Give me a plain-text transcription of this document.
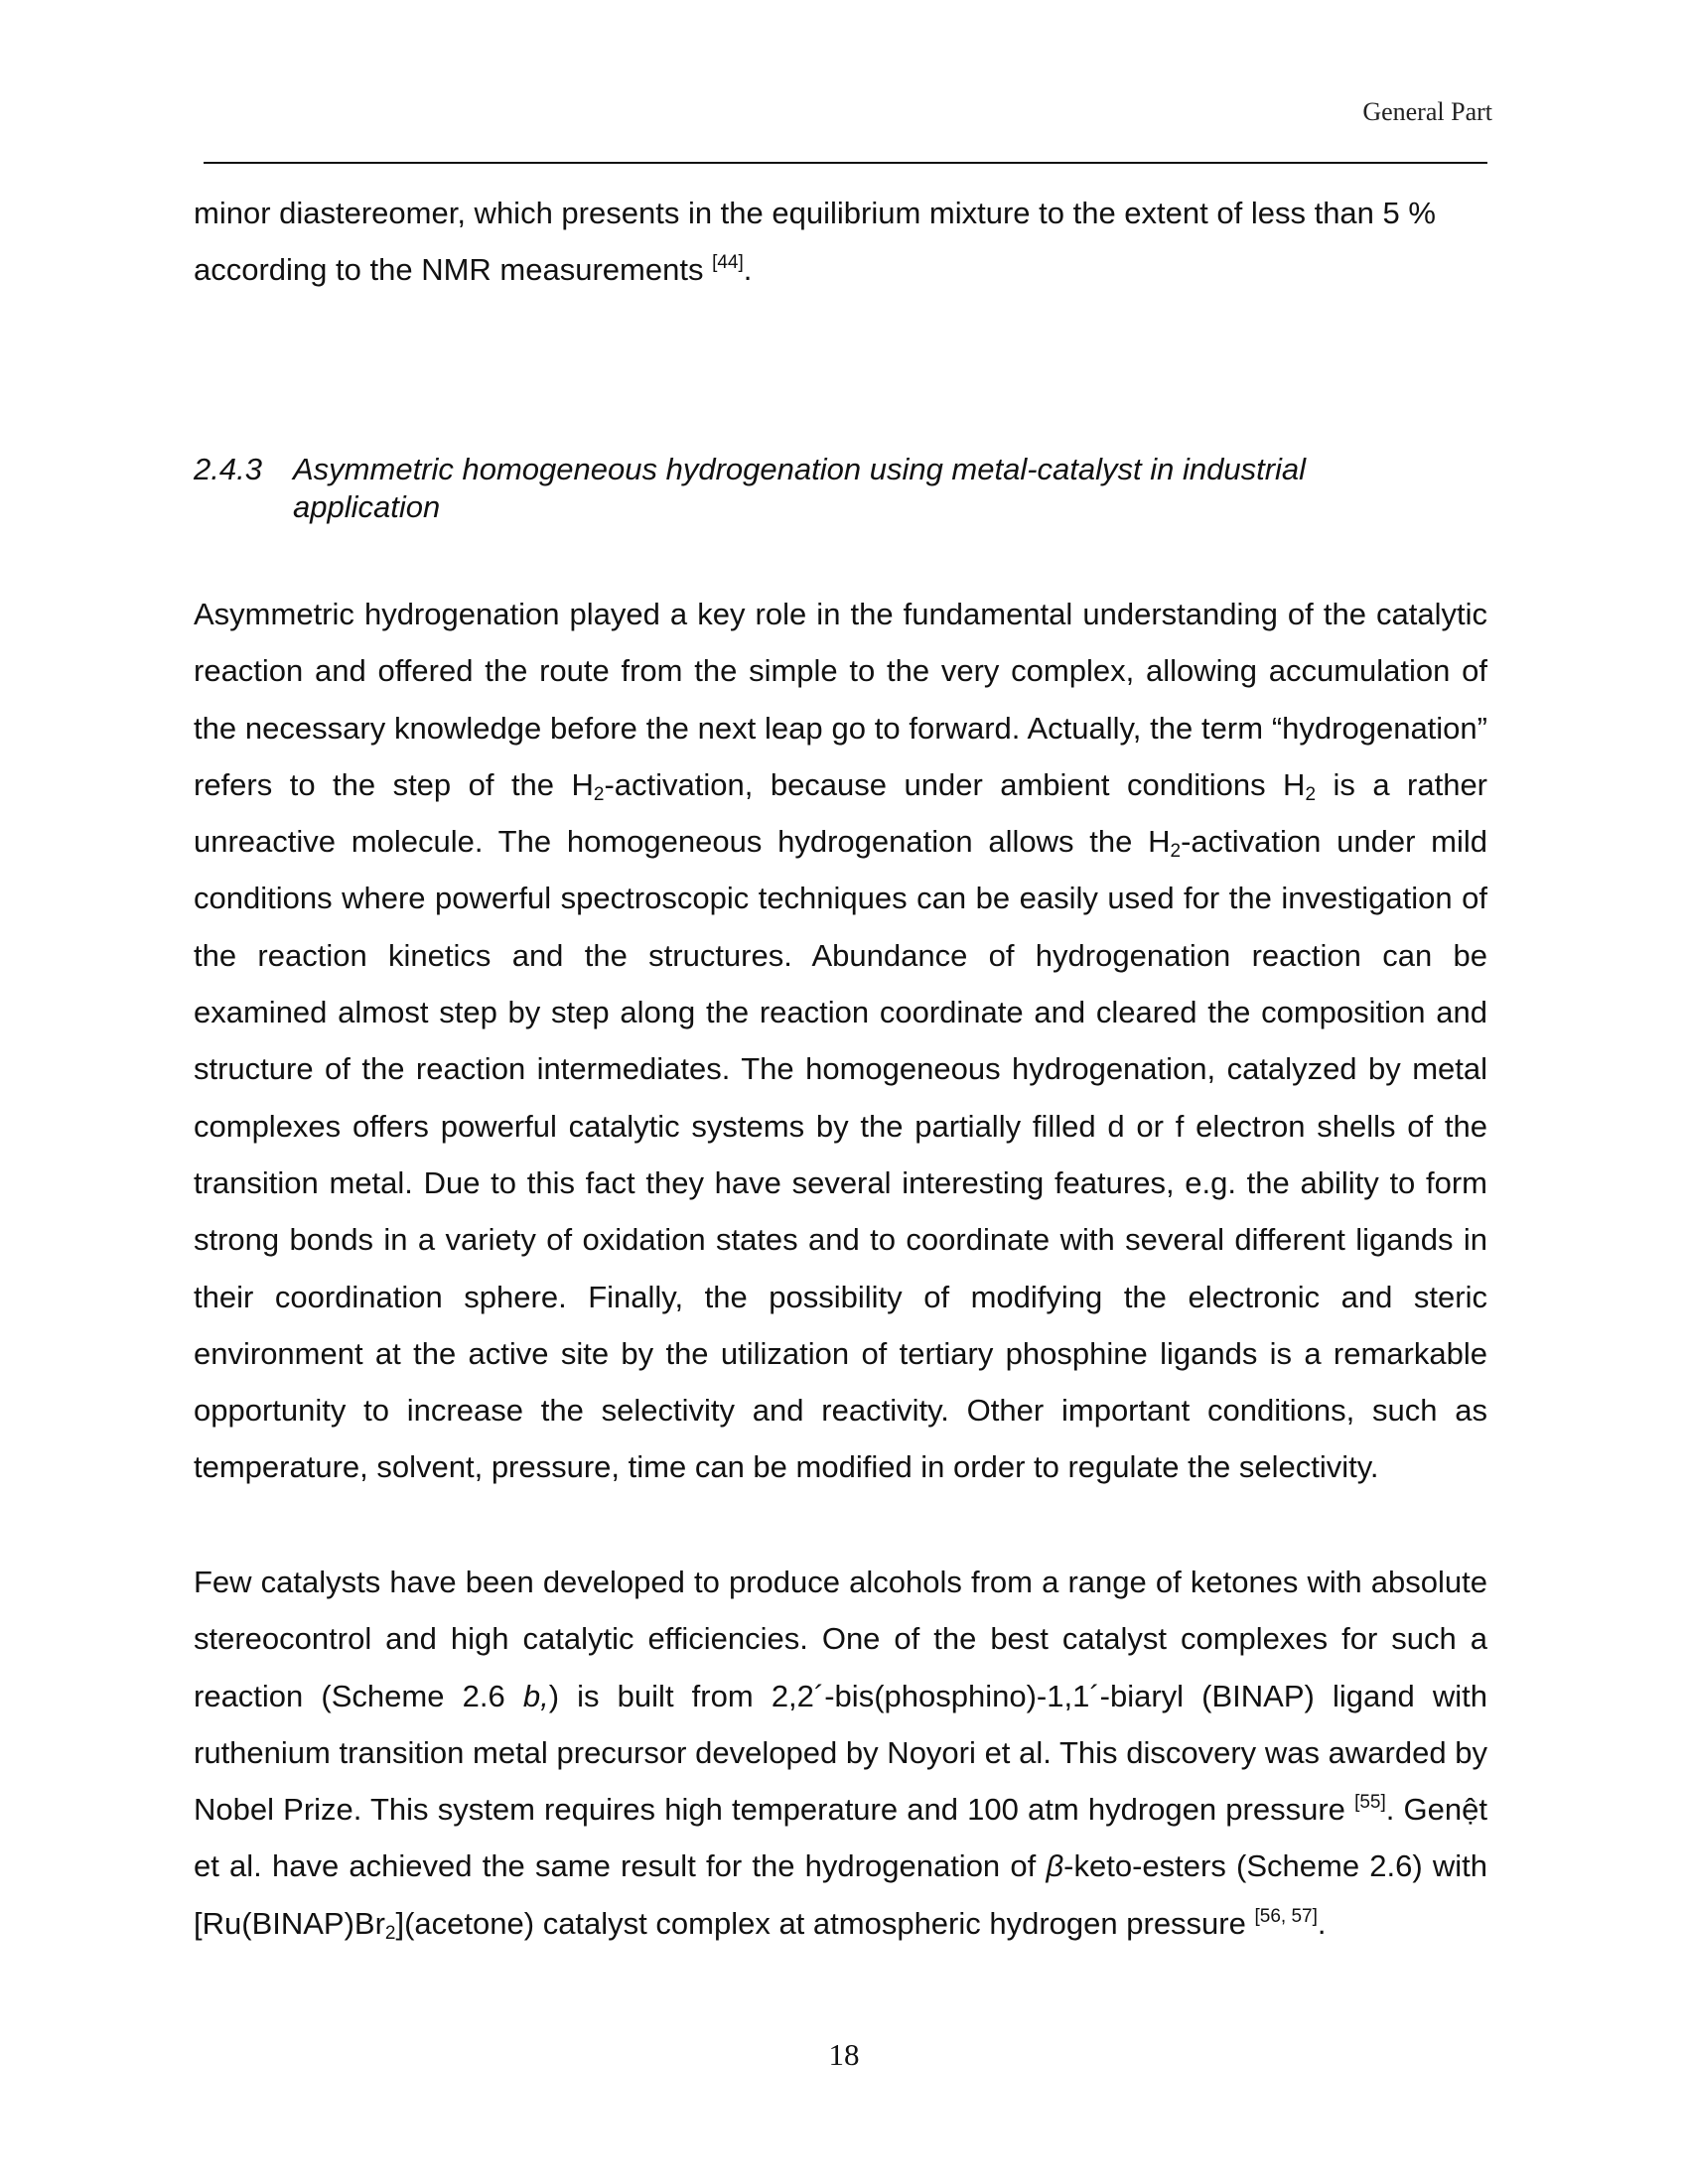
General Part
minor diastereomer, which presents in the equilibrium mixture to the extent of less than 5 % according to the NMR measurements [44].
2.4.3 Asymmetric homogeneous hydrogenation using metal-catalyst in industrial
application
Asymmetric hydrogenation played a key role in the fundamental understanding of the catalytic reaction and offered the route from the simple to the very complex, allowing accumulation of the necessary knowledge before the next leap go to forward. Actually, the term “hydrogenation” refers to the step of the $H_2$-activation, because under ambient conditions $H_2$ is a rather unreactive molecule. The homogeneous hydrogenation allows the $H_2$-activation under mild conditions where powerful spectroscopic techniques can be easily used for the investigation of the reaction kinetics and the structures. Abundance of hydrogenation reaction can be examined almost step by step along the reaction coordinate and cleared the composition and structure of the reaction intermediates. The homogeneous hydrogenation, catalyzed by metal complexes offers powerful catalytic systems by the partially filled d or f electron shells of the transition metal. Due to this fact they have several interesting features, e.g. the ability to form strong bonds in a variety of oxidation states and to coordinate with several different ligands in their coordination sphere. Finally, the possibility of modifying the electronic and steric environment at the active site by the utilization of tertiary phosphine ligands is a remarkable opportunity to increase the selectivity and reactivity. Other important conditions, such as temperature, solvent, pressure, time can be modified in order to regulate the selectivity.
Few catalysts have been developed to produce alcohols from a range of ketones with absolute stereocontrol and high catalytic efficiencies. One of the best catalyst complexes for such a reaction (Scheme 2.6 b,) is built from 2,2´-bis(phosphino)-1,1´-biaryl (BINAP) ligand with ruthenium transition metal precursor developed by Noyori et al. This discovery was awarded by Nobel Prize. This system requires high temperature and 100 atm hydrogen pressure [55]. Genệt et al. have achieved the same result for the hydrogenation of β-keto-esters (Scheme 2.6) with $[Ru(BINAP)Br_2](acetone)$ catalyst complex at atmospheric hydrogen pressure [56, 57].
18
